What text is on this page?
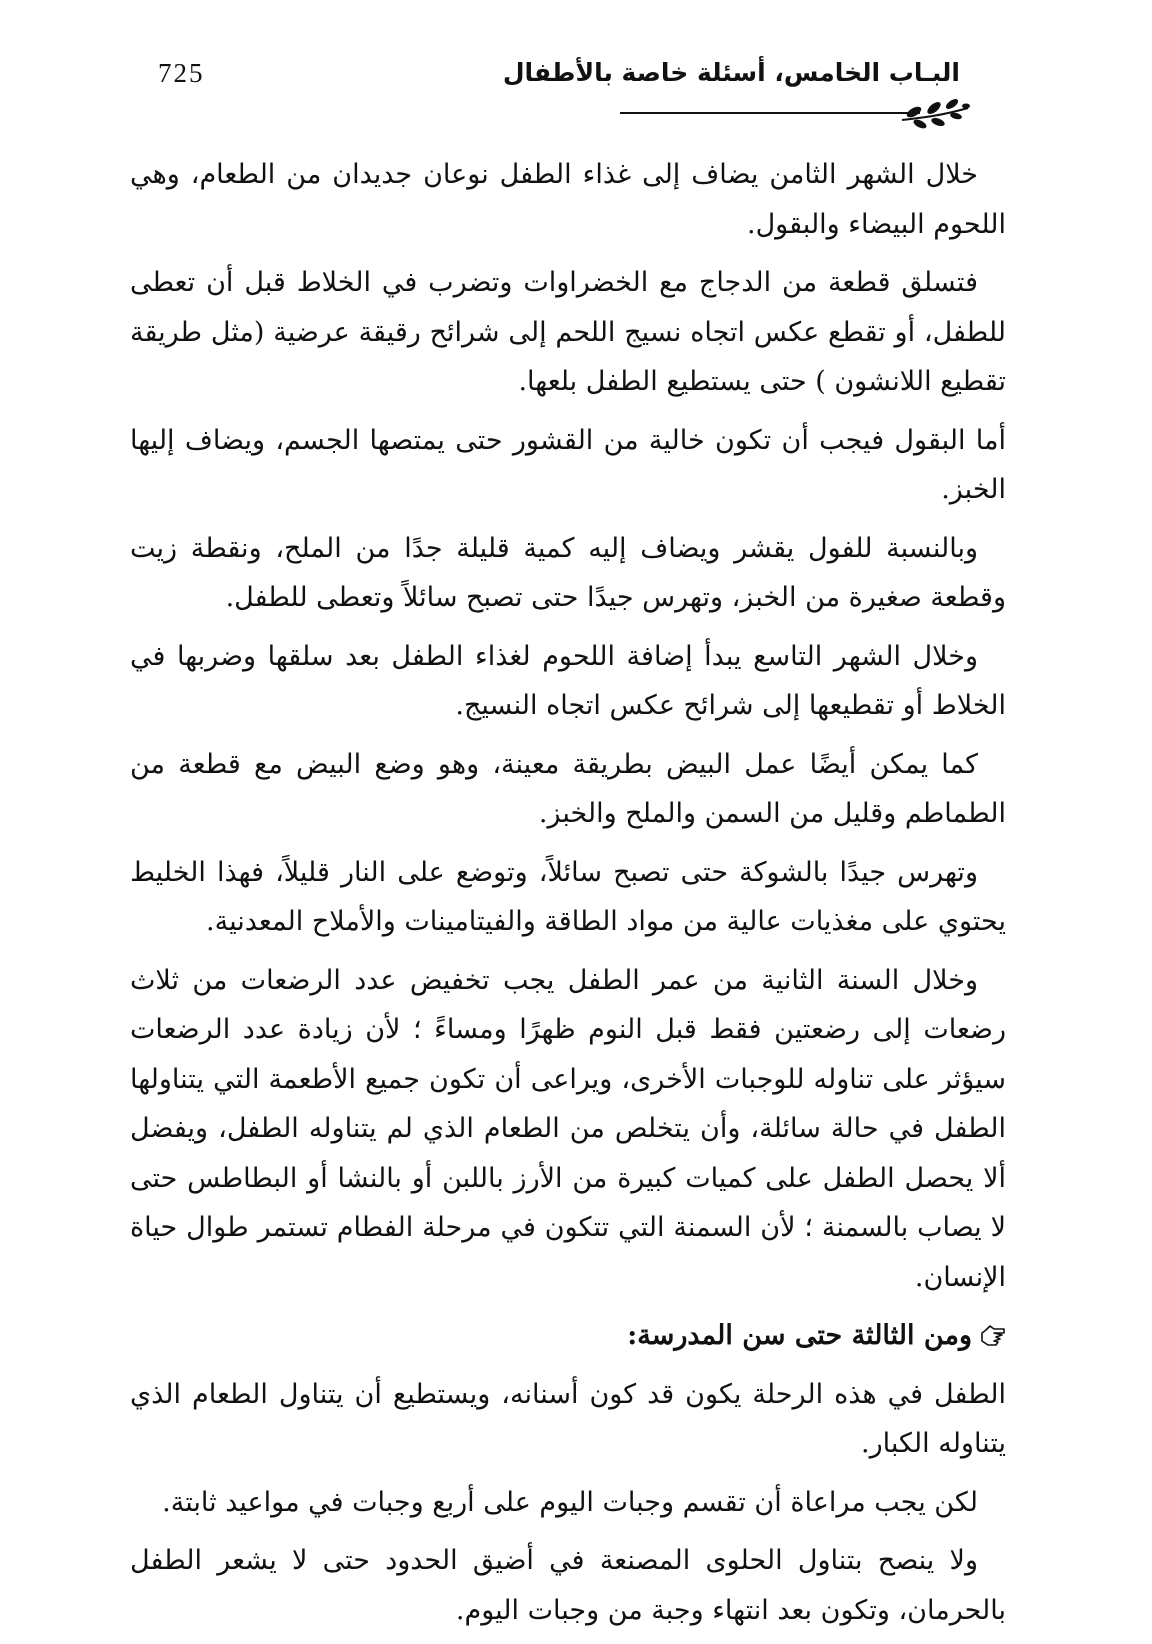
725	البـاب الخامس، أسئلة خاصة بالأطفال

خلال الشهر الثامن يضاف إلى غذاء الطفل نوعان جديدان من الطعام، وهي اللحوم البيضاء والبقول.

فتسلق قطعة من الدجاج مع الخضراوات وتضرب في الخلاط قبل أن تعطى للطفل، أو تقطع عكس اتجاه نسيج اللحم إلى شرائح رقيقة عرضية (مثل طريقة تقطيع اللانشون ) حتى يستطيع الطفل بلعها.

أما البقول فيجب أن تكون خالية من القشور حتى يمتصها الجسم، ويضاف إليها الخبز.

وبالنسبة للفول يقشر ويضاف إليه كمية قليلة جدًا من الملح، ونقطة زيت وقطعة صغيرة من الخبز، وتهرس جيدًا حتى تصبح سائلاً وتعطى للطفل.

وخلال الشهر التاسع يبدأ إضافة اللحوم لغذاء الطفل بعد سلقها وضربها في الخلاط أو تقطيعها إلى شرائح عكس اتجاه النسيج.

كما يمكن أيضًا عمل البيض بطريقة معينة، وهو وضع البيض مع قطعة من الطماطم وقليل من السمن والملح والخبز.

وتهرس جيدًا بالشوكة حتى تصبح سائلاً، وتوضع على النار قليلاً، فهذا الخليط يحتوي على مغذيات عالية من مواد الطاقة والفيتامينات والأملاح المعدنية.

وخلال السنة الثانية من عمر الطفل يجب تخفيض عدد الرضعات من ثلاث رضعات إلى رضعتين فقط قبل النوم ظهرًا ومساءً ؛ لأن زيادة عدد الرضعات سيؤثر على تناوله للوجبات الأخرى، ويراعى أن تكون جميع الأطعمة التي يتناولها الطفل في حالة سائلة، وأن يتخلص من الطعام الذي لم يتناوله الطفل، ويفضل ألا يحصل الطفل على كميات كبيرة من الأرز باللبن أو بالنشا أو البطاطس حتى لا يصاب بالسمنة ؛ لأن السمنة التي تتكون في مرحلة الفطام تستمر طوال حياة الإنسان.

ومن الثالثة حتى سن المدرسة:

الطفل في هذه الرحلة يكون قد كون أسنانه، ويستطيع أن يتناول الطعام الذي يتناوله الكبار.

لكن يجب مراعاة أن تقسم وجبات اليوم على أربع وجبات في مواعيد ثابتة.

ولا ينصح بتناول الحلوى المصنعة في أضيق الحدود حتى لا يشعر الطفل بالحرمان، وتكون بعد انتهاء وجبة من وجبات اليوم.
